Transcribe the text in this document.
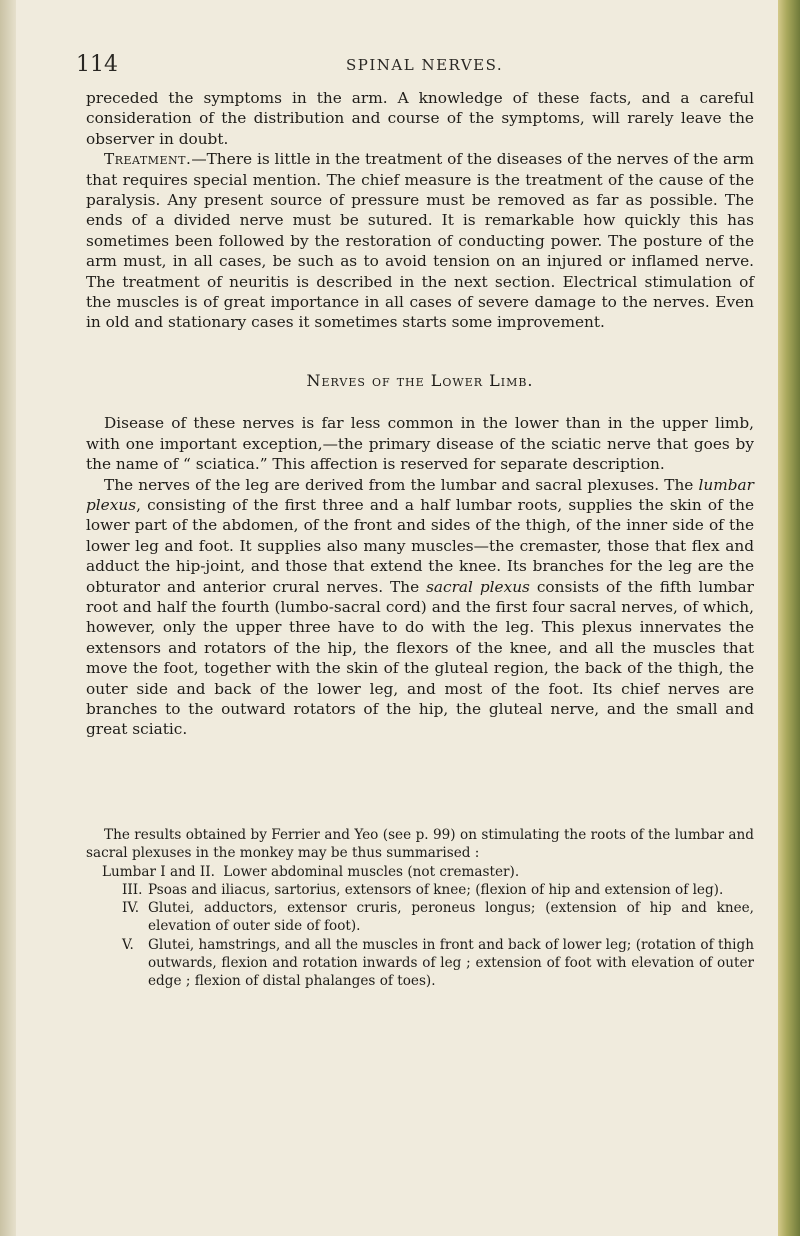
114	SPINAL NERVES.

preceded the symptoms in the arm. A knowledge of these facts, and a careful consideration of the distribution and course of the symptoms, will rarely leave the observer in doubt.

Treatment.—There is little in the treatment of the diseases of the nerves of the arm that requires special mention. The chief measure is the treatment of the cause of the paralysis. Any present source of pressure must be removed as far as possible. The ends of a divided nerve must be sutured. It is remarkable how quickly this has sometimes been followed by the restoration of conducting power. The posture of the arm must, in all cases, be such as to avoid tension on an injured or inflamed nerve. The treatment of neuritis is described in the next section. Electrical stimulation of the muscles is of great importance in all cases of severe damage to the nerves. Even in old and stationary cases it sometimes starts some improvement.

Nerves of the Lower Limb.

Disease of these nerves is far less common in the lower than in the upper limb, with one important exception,—the primary disease of the sciatic nerve that goes by the name of “ sciatica.” This affection is reserved for separate description.

The nerves of the leg are derived from the lumbar and sacral plexuses. The lumbar plexus, consisting of the first three and a half lumbar roots, supplies the skin of the lower part of the abdomen, of the front and sides of the thigh, of the inner side of the lower leg and foot. It supplies also many muscles—the cremaster, those that flex and adduct the hip-joint, and those that extend the knee. Its branches for the leg are the obturator and anterior crural nerves. The sacral plexus consists of the fifth lumbar root and half the fourth (lumbo-sacral cord) and the first four sacral nerves, of which, however, only the upper three have to do with the leg. This plexus innervates the extensors and rotators of the hip, the flexors of the knee, and all the muscles that move the foot, together with the skin of the gluteal region, the back of the thigh, the outer side and back of the lower leg, and most of the foot. Its chief nerves are branches to the outward rotators of the hip, the gluteal nerve, and the small and great sciatic.

The results obtained by Ferrier and Yeo (see p. 99) on stimulating the roots of the lumbar and sacral plexuses in the monkey may be thus summarised :

Lumbar I and II. Lower abdominal muscles (not cremaster).
III. Psoas and iliacus, sartorius, extensors of knee; (flexion of hip and extension of leg).
IV. Glutei, adductors, extensor cruris, peroneus longus; (extension of hip and knee, elevation of outer side of foot).
V. Glutei, hamstrings, and all the muscles in front and back of lower leg; (rotation of thigh outwards, flexion and rotation inwards of leg ; extension of foot with elevation of outer edge ; flexion of distal phalanges of toes).
